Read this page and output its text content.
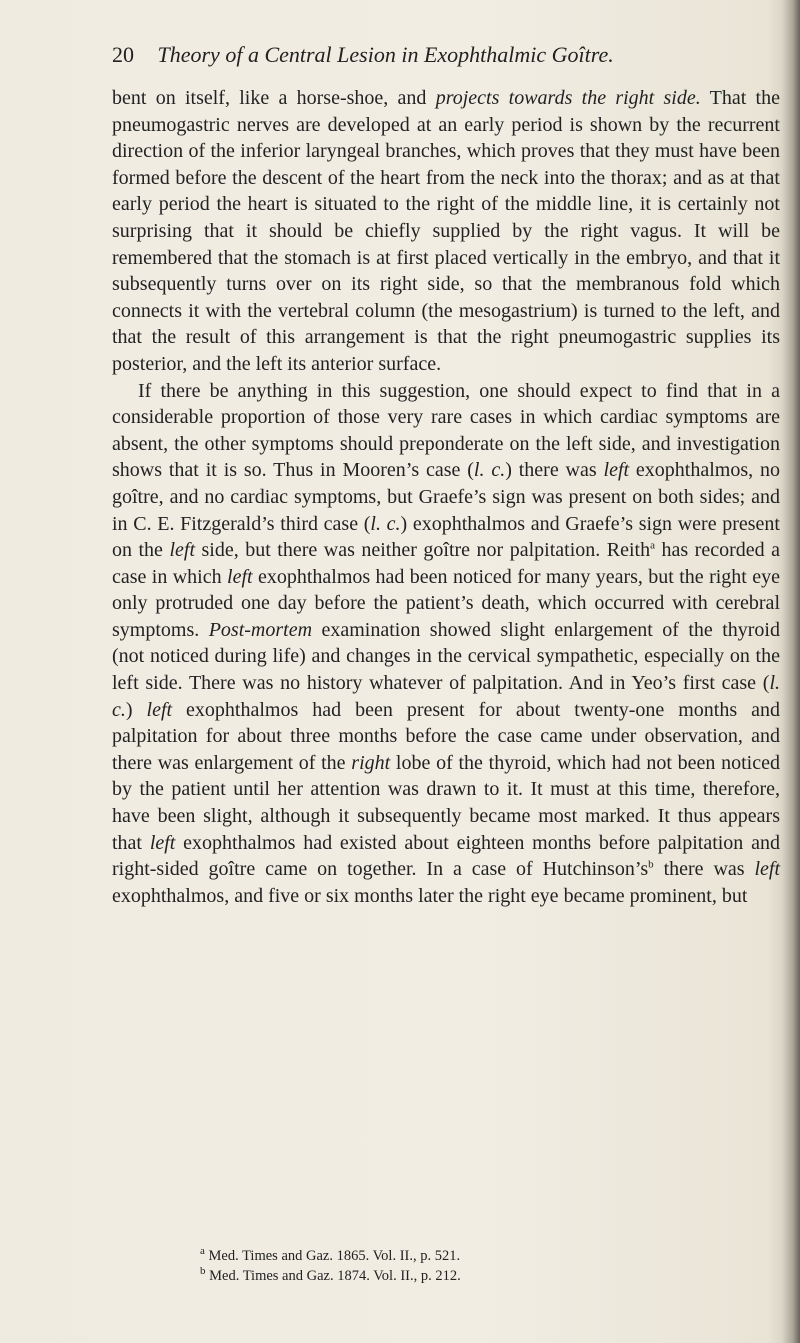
20 Theory of a Central Lesion in Exophthalmic Goître.

bent on itself, like a horse-shoe, and projects towards the right side. That the pneumogastric nerves are developed at an early period is shown by the recurrent direction of the inferior laryngeal branches, which proves that they must have been formed before the descent of the heart from the neck into the thorax; and as at that early period the heart is situated to the right of the middle line, it is certainly not surprising that it should be chiefly supplied by the right vagus. It will be remembered that the stomach is at first placed vertically in the embryo, and that it subsequently turns over on its right side, so that the membranous fold which connects it with the vertebral column (the mesogastrium) is turned to the left, and that the result of this arrangement is that the right pneumogastric supplies its posterior, and the left its anterior surface.

If there be anything in this suggestion, one should expect to find that in a considerable proportion of those very rare cases in which cardiac symptoms are absent, the other symptoms should preponderate on the left side, and investigation shows that it is so. Thus in Mooren’s case (l. c.) there was left exophthalmos, no goître, and no cardiac symptoms, but Graefe’s sign was present on both sides; and in C. E. Fitzgerald’s third case (l. c.) exophthalmos and Graefe’s sign were present on the left side, but there was neither goître nor palpitation. Reith$^a$ has recorded a case in which left exophthalmos had been noticed for many years, but the right eye only protruded one day before the patient’s death, which occurred with cerebral symptoms. Post-mortem examination showed slight enlargement of the thyroid (not noticed during life) and changes in the cervical sympathetic, especially on the left side. There was no history whatever of palpitation. And in Yeo’s first case (l. c.) left exophthalmos had been present for about twenty-one months and palpitation for about three months before the case came under observation, and there was enlargement of the right lobe of the thyroid, which had not been noticed by the patient until her attention was drawn to it. It must at this time, therefore, have been slight, although it subsequently became most marked. It thus appears that left exophthalmos had existed about eighteen months before palpitation and right-sided goître came on together. In a case of $Hutchinson’s^b$ there was left exophthalmos, and five or six months later the right eye became prominent, but

$^a$ Med. Times and Gaz. 1865. Vol. II., p. 521.
$^b$ Med. Times and Gaz. 1874. Vol. II., p. 212.
